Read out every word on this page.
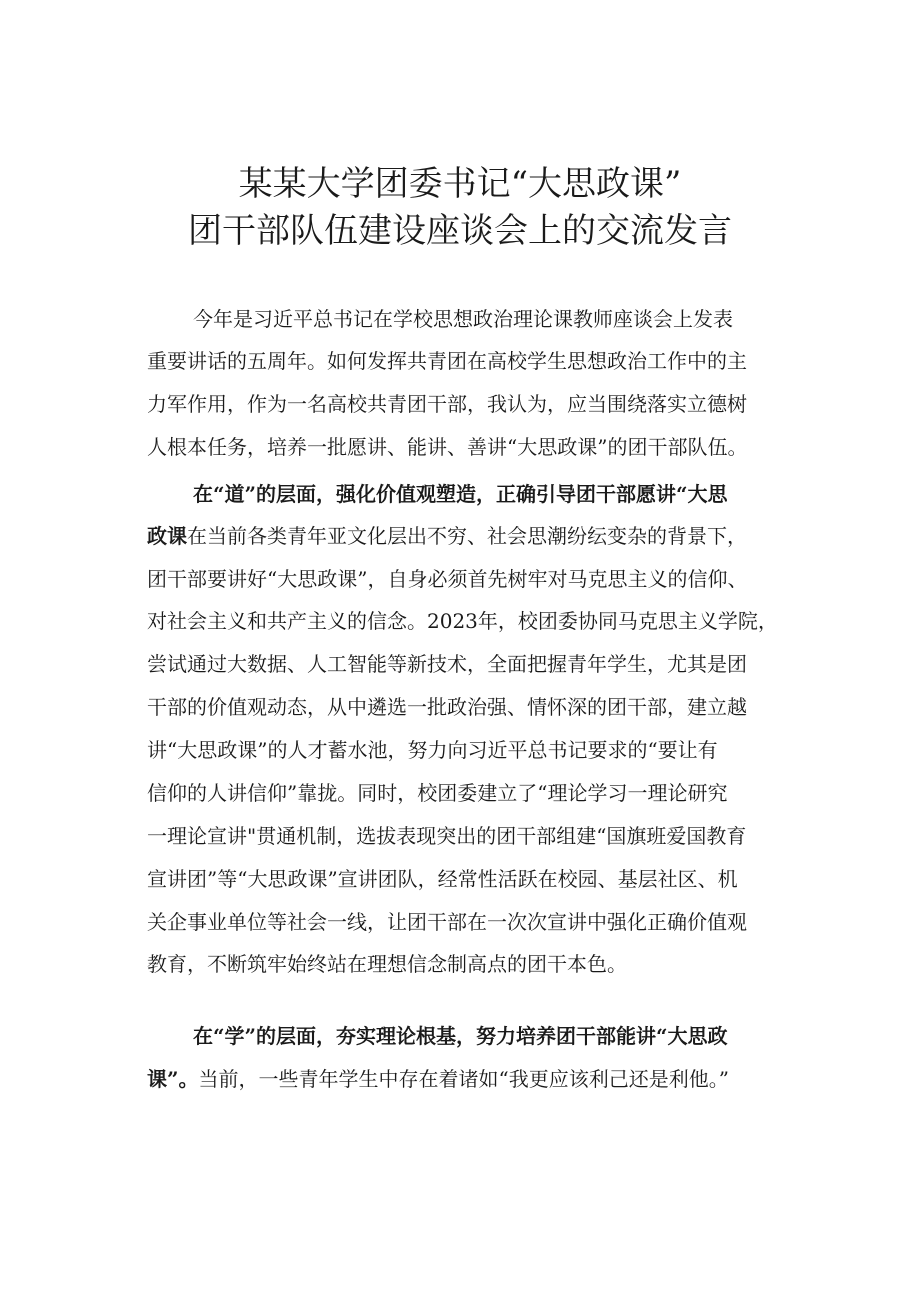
某某大学团委书记“大思政课”
团干部队伍建设座谈会上的交流发言
今年是习近平总书记在学校思想政治理论课教师座谈会上发表
重要讲话的五周年。如何发挥共青团在高校学生思想政治工作中的主
力军作用，作为一名高校共青团干部，我认为，应当围绕落实立德树
人根本任务，培养一批愿讲、能讲、善讲“大思政课”的团干部队伍。
在“道”的层面，强化价值观塑造，正确引导团干部愿讲“大思
政课在当前各类青年亚文化层出不穷、社会思潮纷纭变杂的背景下，
团干部要讲好“大思政课”，自身必须首先树牢对马克思主义的信仰、
对社会主义和共产主义的信念。2023年，校团委协同马克思主义学院，
尝试通过大数据、人工智能等新技术，全面把握青年学生，尤其是团
干部的价值观动态，从中遴选一批政治强、情怀深的团干部，建立越
讲“大思政课”的人才蓄水池，努力向习近平总书记要求的“要让有
信仰的人讲信仰”靠拢。同时，校团委建立了“理论学习一理论研究
一理论宣讲"贯通机制，选拔表现突出的团干部组建“国旗班爱国教育
宣讲团”等“大思政课”宣讲团队，经常性活跃在校园、基层社区、机
关企事业单位等社会一线，让团干部在一次次宣讲中强化正确价值观
教育，不断筑牢始终站在理想信念制高点的团干本色。
在“学”的层面，夯实理论根基，努力培养团干部能讲“大思政
课”。当前，一些青年学生中存在着诸如“我更应该利己还是利他。”
